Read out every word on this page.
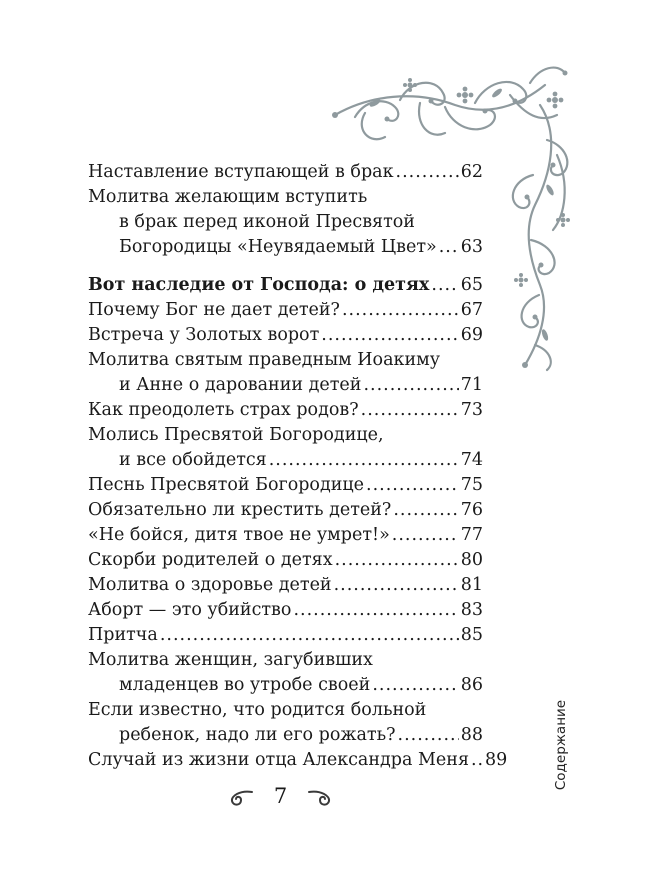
Наставление вступающей в брак .....	62
Молитва желающим вступить
в брак перед иконой Пресвятой
Богородицы «Неувядаемый Цвет» ..... 63
Вот наследие от Господа: о детях ..... 65
Почему Бог не дает детей? .....	67
Встреча у Золотых ворот .....	69
Молитва святым праведным Иоакиму
и Анне о даровании детей .....	71
Как преодолеть страх родов? .....	73
Молись Пресвятой Богородице,
и все обойдется .....	74
Песнь Пресвятой Богородице .....	75
Обязательно ли крестить детей? .....	76
«Не бойся, дитя твое не умрет!» .....	77
Скорби родителей о детях .....	80
Молитва о здоровье детей .....	81
Аборт — это убийство .....	83
Притча .....	85
Молитва женщин, загубивших
младенцев во утробе своей .....	86
Если известно, что родится больной
ребенок, надо ли его рожать? .....	88
Случай из жизни отца Александра Меня ..... 89	Содержание
7
